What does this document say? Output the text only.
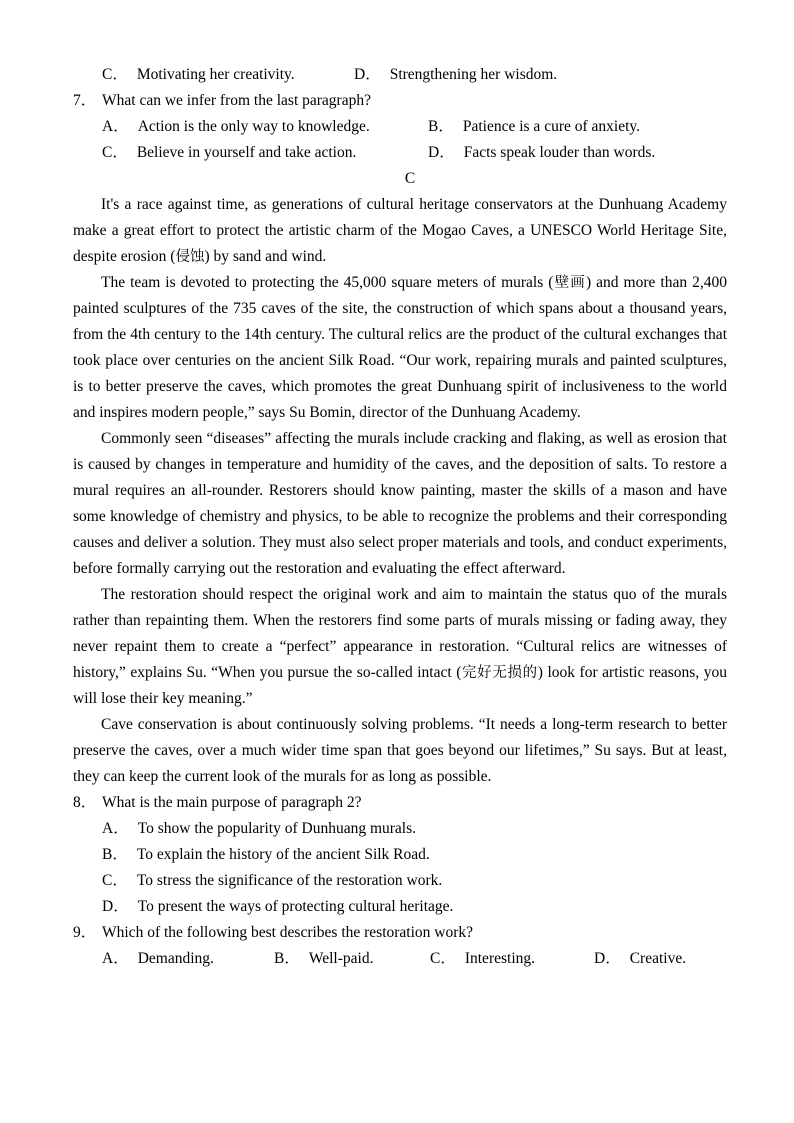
C． Motivating her creativity.	D． Strengthening her wisdom.
7． What can we infer from the last paragraph?
A． Action is the only way to knowledge.	B． Patience is a cure of anxiety.
C． Believe in yourself and take action.	D． Facts speak louder than words.
C

It's a race against time, as generations of cultural heritage conservators at the Dunhuang Academy make a great effort to protect the artistic charm of the Mogao Caves, a UNESCO World Heritage Site, despite erosion (侵蚀) by sand and wind.

The team is devoted to protecting the 45,000 square meters of murals (壁画) and more than 2,400 painted sculptures of the 735 caves of the site, the construction of which spans about a thousand years, from the 4th century to the 14th century. The cultural relics are the product of the cultural exchanges that took place over centuries on the ancient Silk Road. “Our work, repairing murals and painted sculptures, is to better preserve the caves, which promotes the great Dunhuang spirit of inclusiveness to the world and inspires modern people,” says Su Bomin, director of the Dunhuang Academy.

Commonly seen “diseases” affecting the murals include cracking and flaking, as well as erosion that is caused by changes in temperature and humidity of the caves, and the deposition of salts. To restore a mural requires an all-rounder. Restorers should know painting, master the skills of a mason and have some knowledge of chemistry and physics, to be able to recognize the problems and their corresponding causes and deliver a solution. They must also select proper materials and tools, and conduct experiments, before formally carrying out the restoration and evaluating the effect afterward.

The restoration should respect the original work and aim to maintain the status quo of the murals rather than repainting them. When the restorers find some parts of murals missing or fading away, they never repaint them to create a “perfect” appearance in restoration. “Cultural relics are witnesses of history,” explains Su. “When you pursue the so-called intact (完好无损的) look for artistic reasons, you will lose their key meaning.”

Cave conservation is about continuously solving problems. “It needs a long-term research to better preserve the caves, over a much wider time span that goes beyond our lifetimes,” Su says. But at least, they can keep the current look of the murals for as long as possible.

8． What is the main purpose of paragraph 2?
A． To show the popularity of Dunhuang murals.
B． To explain the history of the ancient Silk Road.
C． To stress the significance of the restoration work.
D． To present the ways of protecting cultural heritage.
9． Which of the following best describes the restoration work?
A． Demanding.	B． Well-paid.	C． Interesting.	D． Creative.
